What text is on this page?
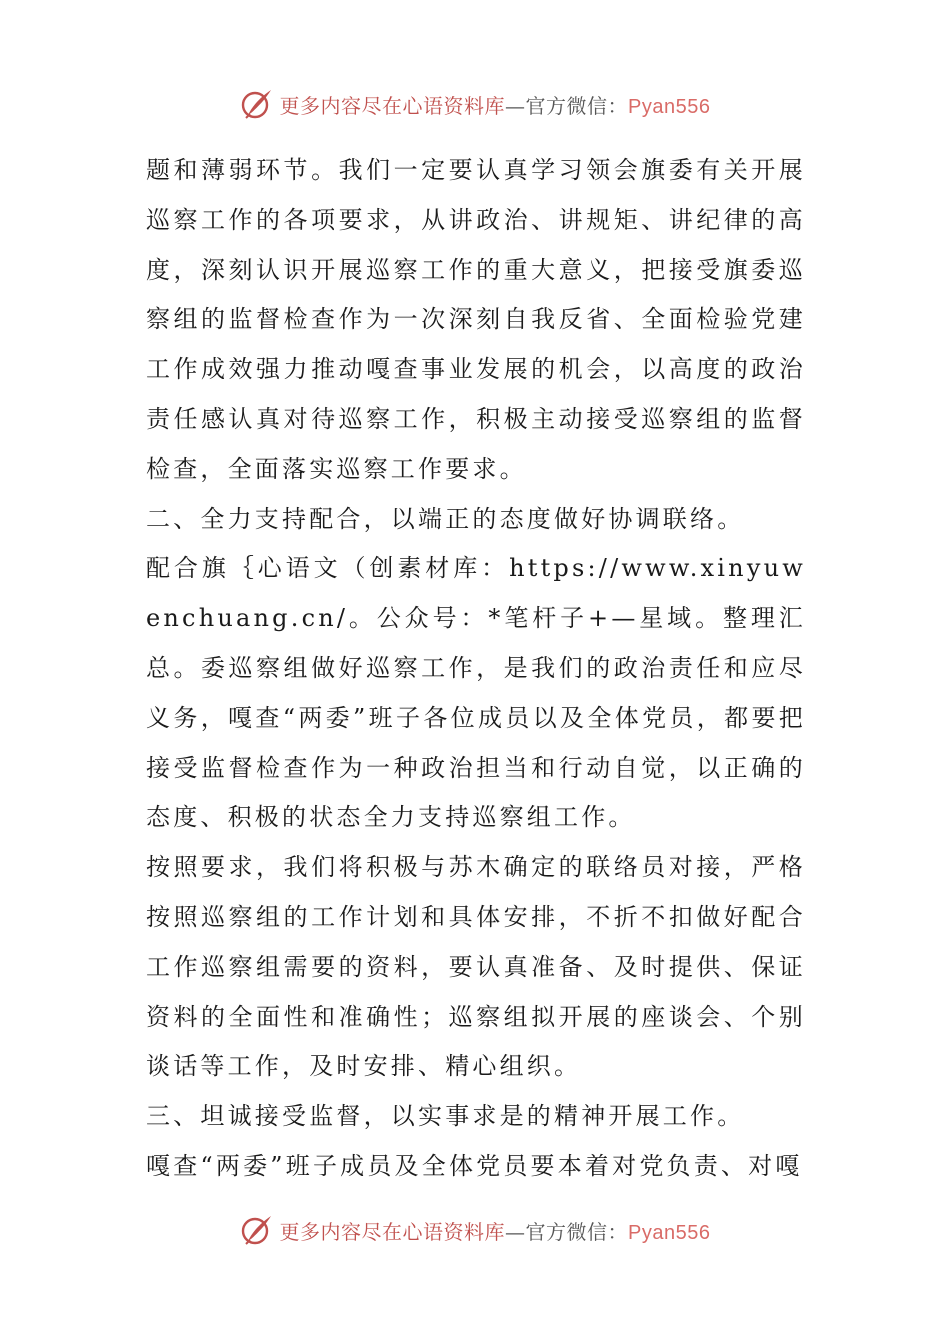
更多内容尽在心语资料库—官方微信：Pyan556

题和薄弱环节。我们一定要认真学习领会旗委有关开展巡察工作的各项要求，从讲政治、讲规矩、讲纪律的高度，深刻认识开展巡察工作的重大意义，把接受旗委巡察组的监督检查作为一次深刻自我反省、全面检验党建工作成效强力推动嘎查事业发展的机会，以高度的政治责任感认真对待巡察工作，积极主动接受巡察组的监督检查，全面落实巡察工作要求。

二、全力支持配合，以端正的态度做好协调联络。

配合旗｛心语文（创素材库：https://www.xinyuwenchuang.cn/。公众号：*笔杆子+—星域。整理汇总。委巡察组做好巡察工作，是我们的政治责任和应尽义务，嘎查“两委”班子各位成员以及全体党员，都要把接受监督检查作为一种政治担当和行动自觉，以正确的态度、积极的状态全力支持巡察组工作。

按照要求，我们将积极与苏木确定的联络员对接，严格按照巡察组的工作计划和具体安排，不折不扣做好配合工作巡察组需要的资料，要认真准备、及时提供、保证资料的全面性和准确性；巡察组拟开展的座谈会、个别谈话等工作，及时安排、精心组织。

三、坦诚接受监督，以实事求是的精神开展工作。

嘎查“两委”班子成员及全体党员要本着对党负责、对嘎

更多内容尽在心语资料库—官方微信：Pyan556
